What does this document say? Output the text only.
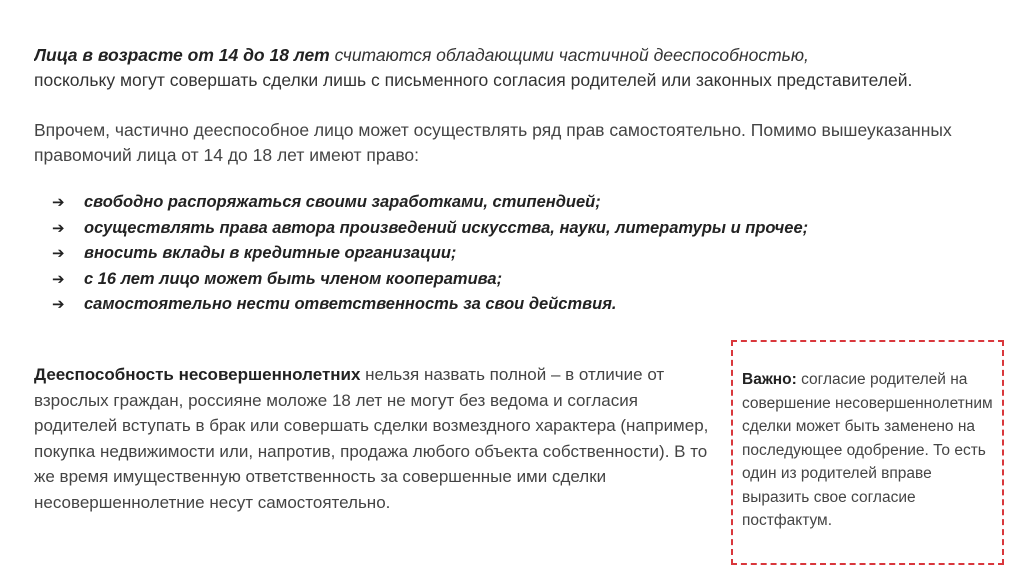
Лица в возрасте от 14 до 18 лет считаются обладающими частичной дееспособностью,
поскольку могут совершать сделки лишь с письменного согласия родителей или законных представителей.

Впрочем, частично дееспособное лицо может осуществлять ряд прав самостоятельно. Помимо вышеуказанных правомочий лица от 14 до 18 лет имеют право:

➔	свободно распоряжаться своими заработками, стипендией;
➔	осуществлять права автора произведений искусства, науки, литературы и прочее;
➔	вносить вклады в кредитные организации;
➔	с 16 лет лицо может быть членом кооператива;
➔	самостоятельно нести ответственность за свои действия.

Дееспособность несовершеннолетних нельзя назвать полной – в отличие от взрослых граждан, россияне моложе 18 лет не могут без ведома и согласия родителей вступать в брак или совершать сделки возмездного характера (например, покупка недвижимости или, напротив, продажа любого объекта собственности). В то же время имущественную ответственность за совершенные ими сделки несовершеннолетние несут самостоятельно.

Важно: согласие родителей на совершение несовершеннолетним сделки может быть заменено на последующее одобрение. То есть один из родителей вправе выразить свое согласие постфактум.
